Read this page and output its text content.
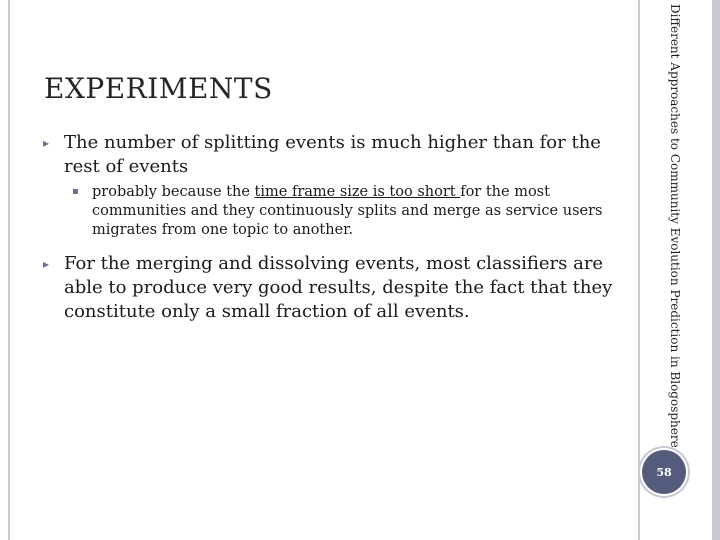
EXPERIMENTS
▸ The number of splitting events is much higher than for the rest of events
▪ probably because the time frame size is too short for the most communities and they continuously splits and merge as service users migrates from one topic to another.
▸ For the merging and dissolving events, most classifiers are able to produce very good results, despite the fact that they constitute only a small fraction of all events.	Different Approaches to Community Evolution Prediction in Blogosphere
58
